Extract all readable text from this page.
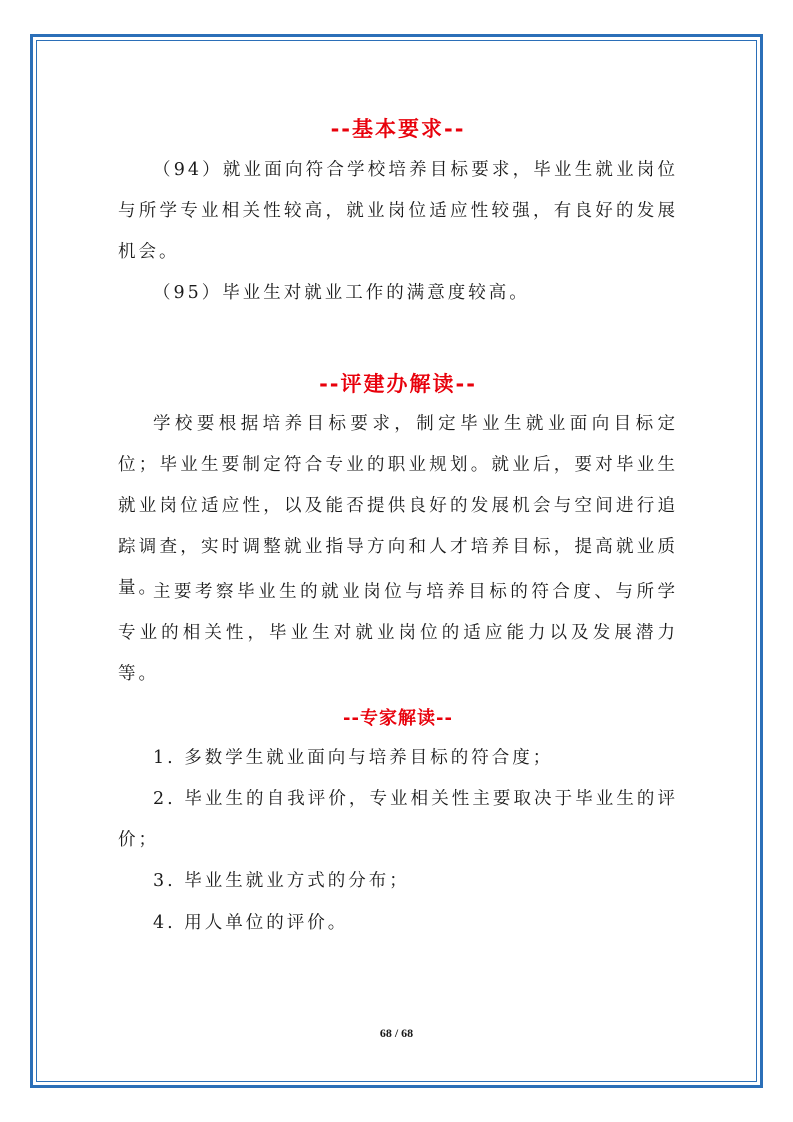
--基本要求--

（94）就业面向符合学校培养目标要求，毕业生就业岗位与所学专业相关性较高，就业岗位适应性较强，有良好的发展机会。

（95）毕业生对就业工作的满意度较高。

--评建办解读--

学校要根据培养目标要求，制定毕业生就业面向目标定位；毕业生要制定符合专业的职业规划。就业后，要对毕业生就业岗位适应性，以及能否提供良好的发展机会与空间进行追踪调查，实时调整就业指导方向和人才培养目标，提高就业质量。

主要考察毕业生的就业岗位与培养目标的符合度、与所学专业的相关性，毕业生对就业岗位的适应能力以及发展潜力等。

--专家解读--

1. 多数学生就业面向与培养目标的符合度；

2. 毕业生的自我评价，专业相关性主要取决于毕业生的评价；

3. 毕业生就业方式的分布；

4. 用人单位的评价。

68 / 68
